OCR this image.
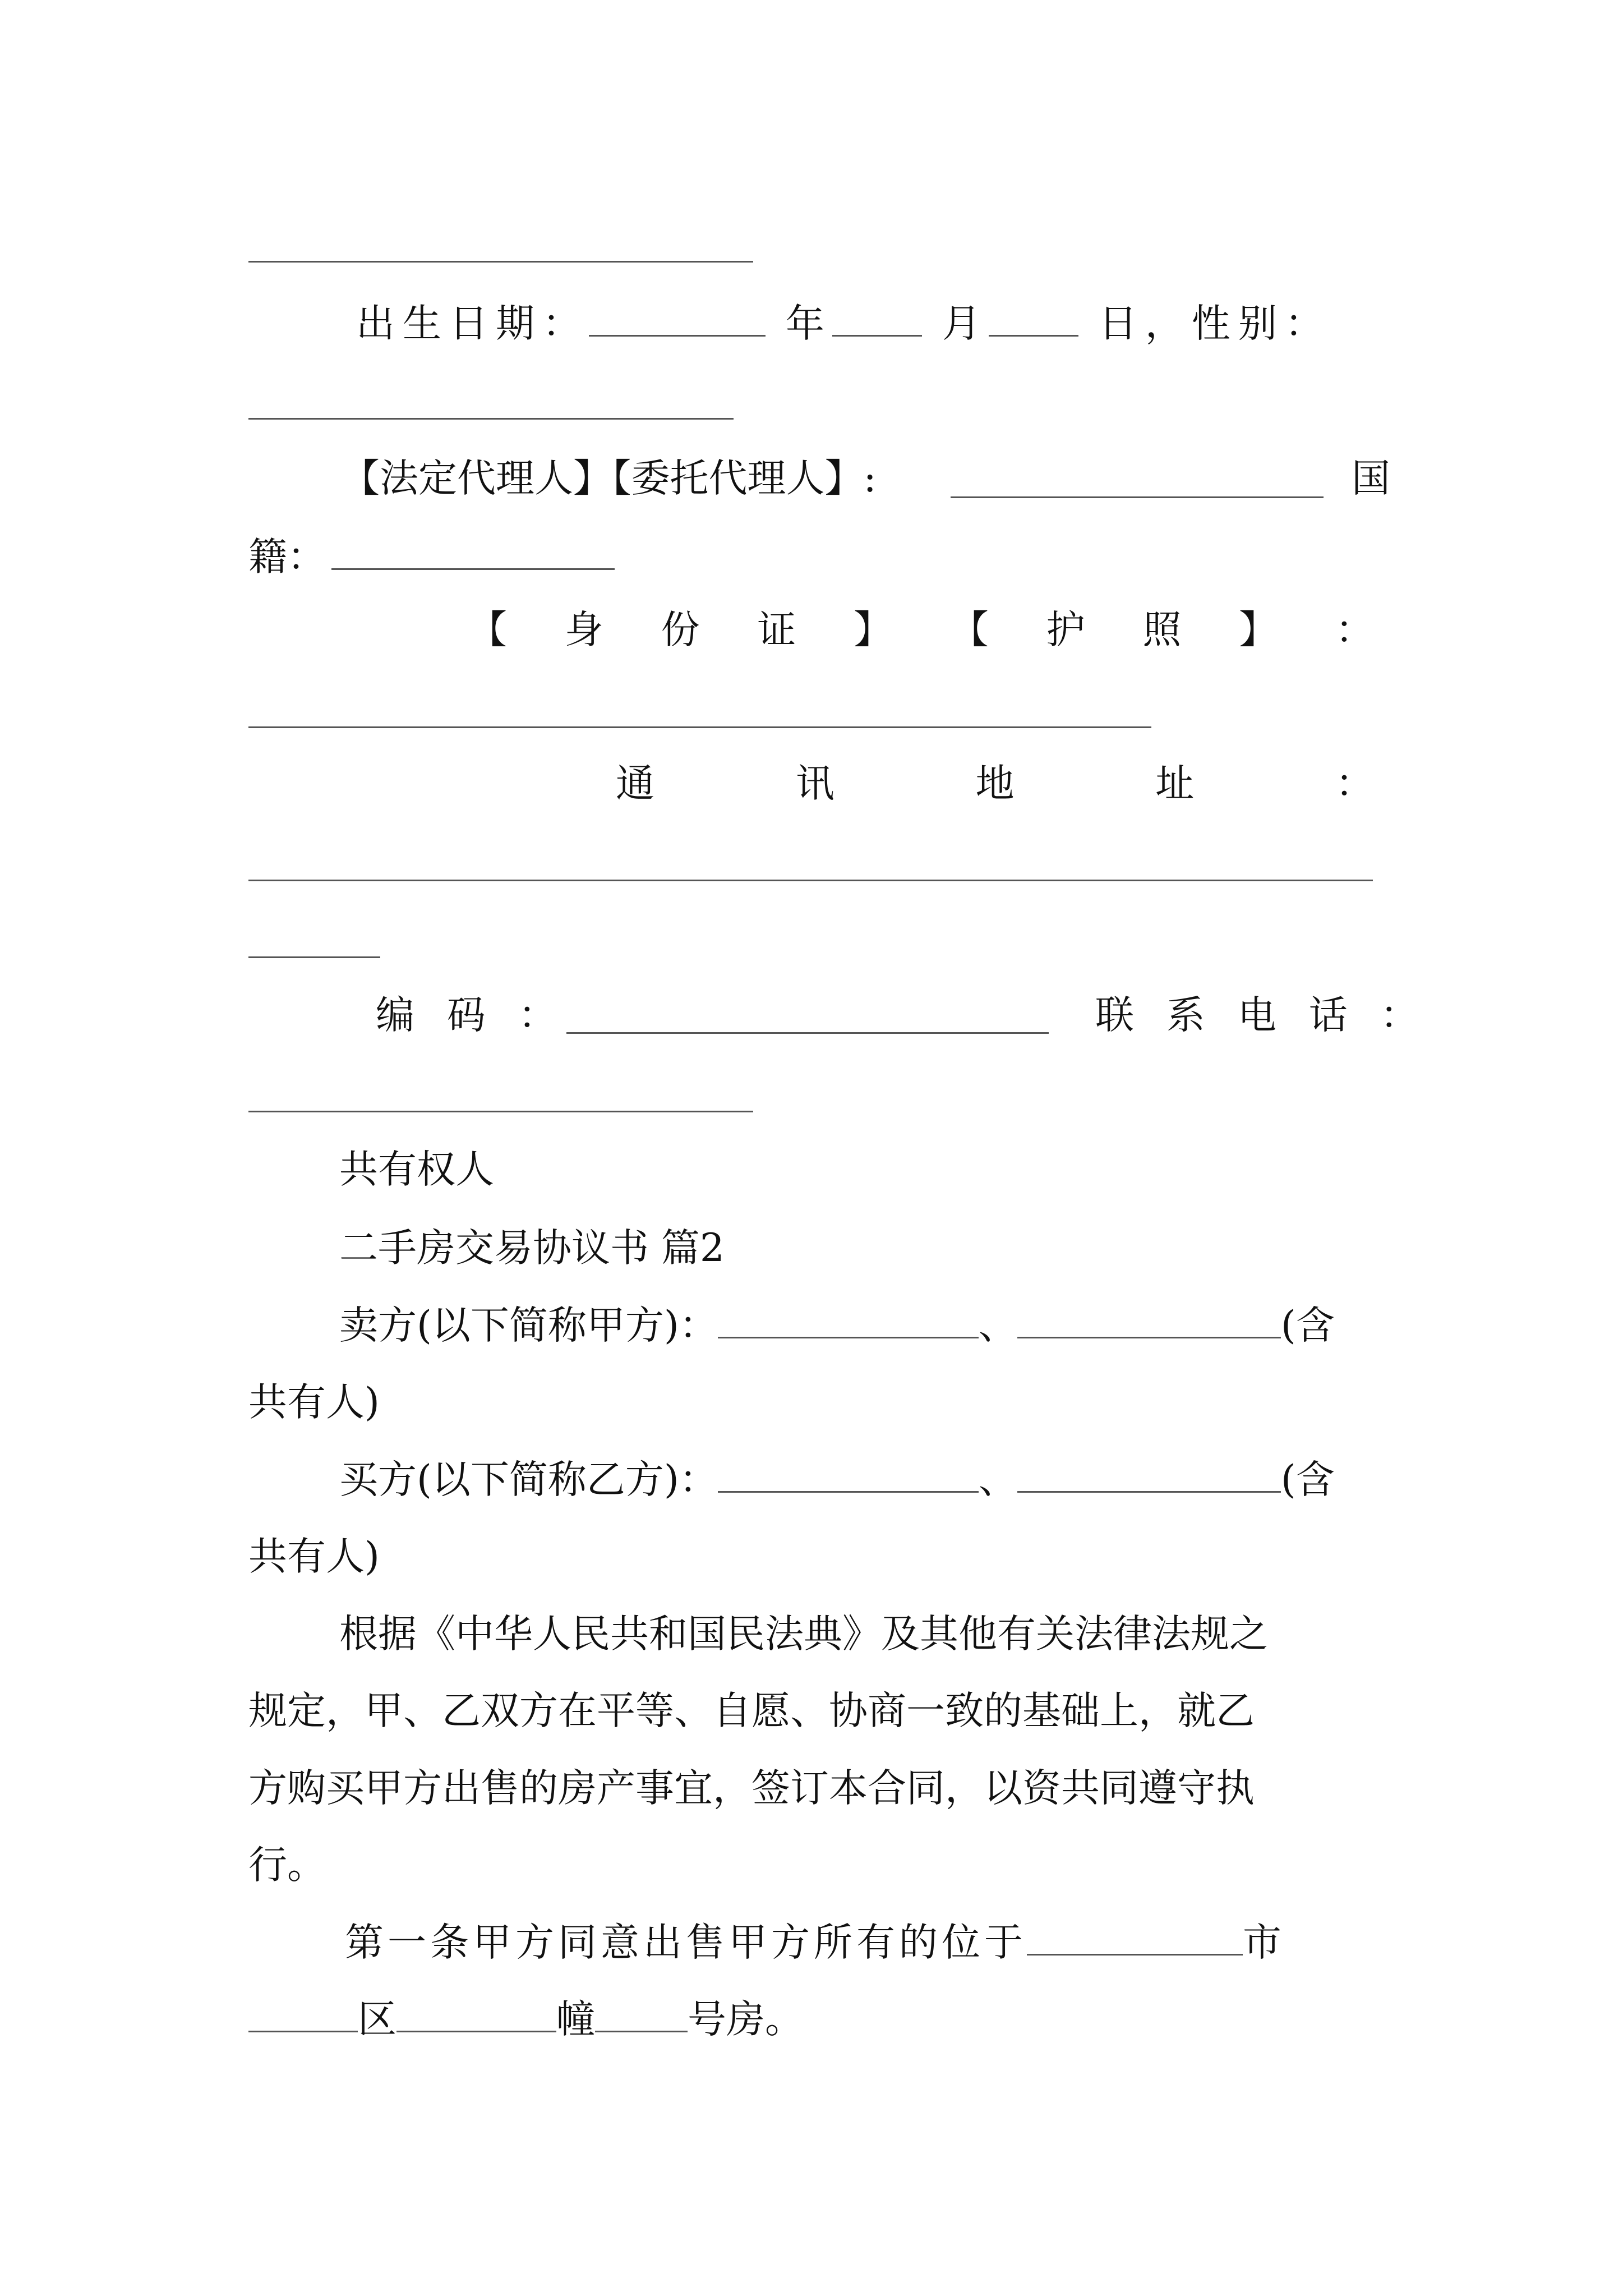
出生日期：	年	月	日，性别：
【法定代理人】【委托代理人】:	国
籍：
【 身 份 证 】 【 护 照 】 ：
通	讯	地	址	：
编 码 ：	联 系 电 话 ：
共有权人
二手房交易协议书 篇2
卖方(以下简称甲方)：	、	(含
共有人)
买方(以下简称乙方)：	、	(含
共有人)
根据《中华人民共和国民法典》及其他有关法律法规之
规定，甲、乙双方在平等、自愿、协商一致的基础上，就乙
方购买甲方出售的房产事宜，签订本合同，以资共同遵守执
行。
第一条甲方同意出售甲方所有的位于	市
区	幢 号房。
